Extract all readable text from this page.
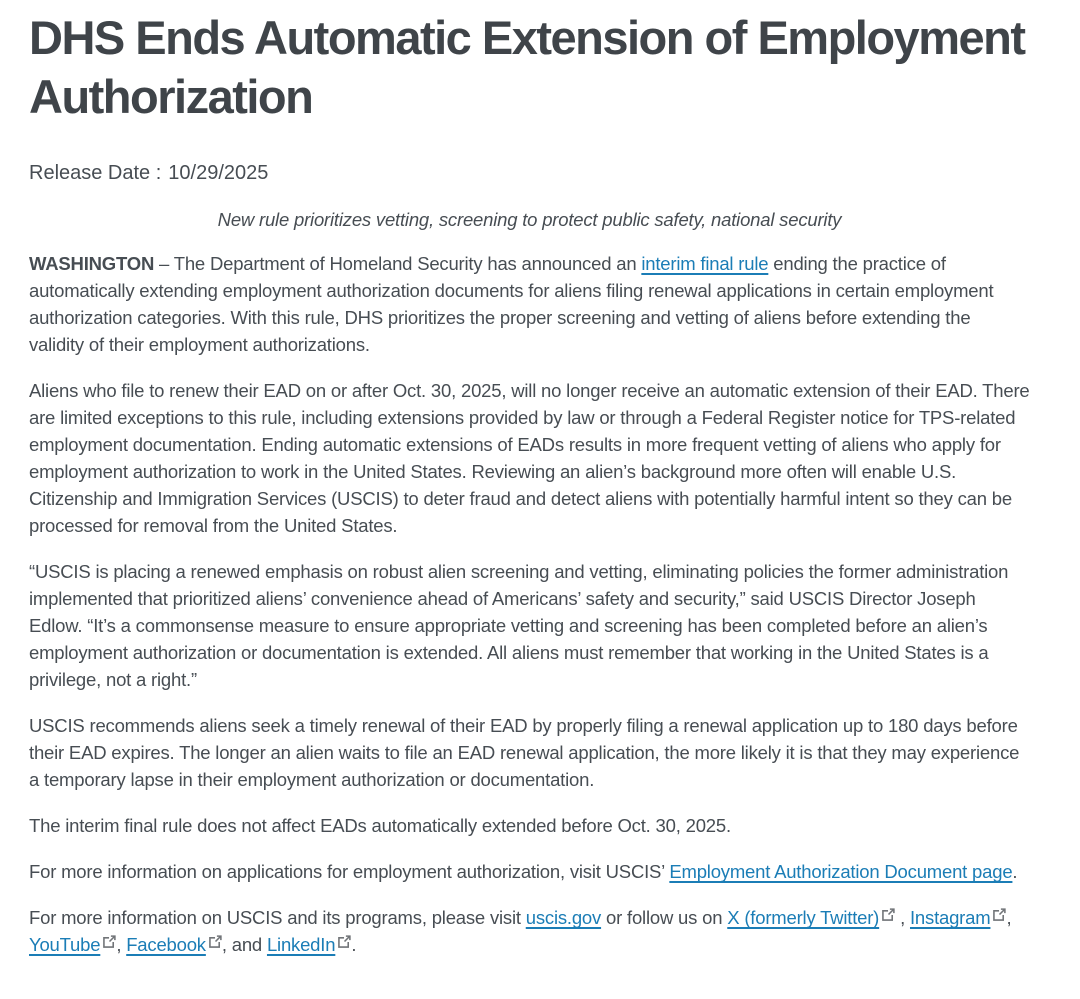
DHS Ends Automatic Extension of Employment Authorization

Release Date : 10/29/2025

New rule prioritizes vetting, screening to protect public safety, national security

WASHINGTON – The Department of Homeland Security has announced an interim final rule ending the practice of automatically extending employment authorization documents for aliens filing renewal applications in certain employment authorization categories. With this rule, DHS prioritizes the proper screening and vetting of aliens before extending the validity of their employment authorizations.

Aliens who file to renew their EAD on or after Oct. 30, 2025, will no longer receive an automatic extension of their EAD. There are limited exceptions to this rule, including extensions provided by law or through a Federal Register notice for TPS-related employment documentation. Ending automatic extensions of EADs results in more frequent vetting of aliens who apply for employment authorization to work in the United States. Reviewing an alien’s background more often will enable U.S. Citizenship and Immigration Services (USCIS) to deter fraud and detect aliens with potentially harmful intent so they can be processed for removal from the United States.

“USCIS is placing a renewed emphasis on robust alien screening and vetting, eliminating policies the former administration implemented that prioritized aliens’ convenience ahead of Americans’ safety and security,” said USCIS Director Joseph Edlow. “It’s a commonsense measure to ensure appropriate vetting and screening has been completed before an alien’s employment authorization or documentation is extended. All aliens must remember that working in the United States is a privilege, not a right.”

USCIS recommends aliens seek a timely renewal of their EAD by properly filing a renewal application up to 180 days before their EAD expires. The longer an alien waits to file an EAD renewal application, the more likely it is that they may experience a temporary lapse in their employment authorization or documentation.

The interim final rule does not affect EADs automatically extended before Oct. 30, 2025.

For more information on applications for employment authorization, visit USCIS’ Employment Authorization Document page.

For more information on USCIS and its programs, please visit uscis.gov or follow us on X (formerly Twitter)
, Instagram , YouTube , Facebook , and LinkedIn .
